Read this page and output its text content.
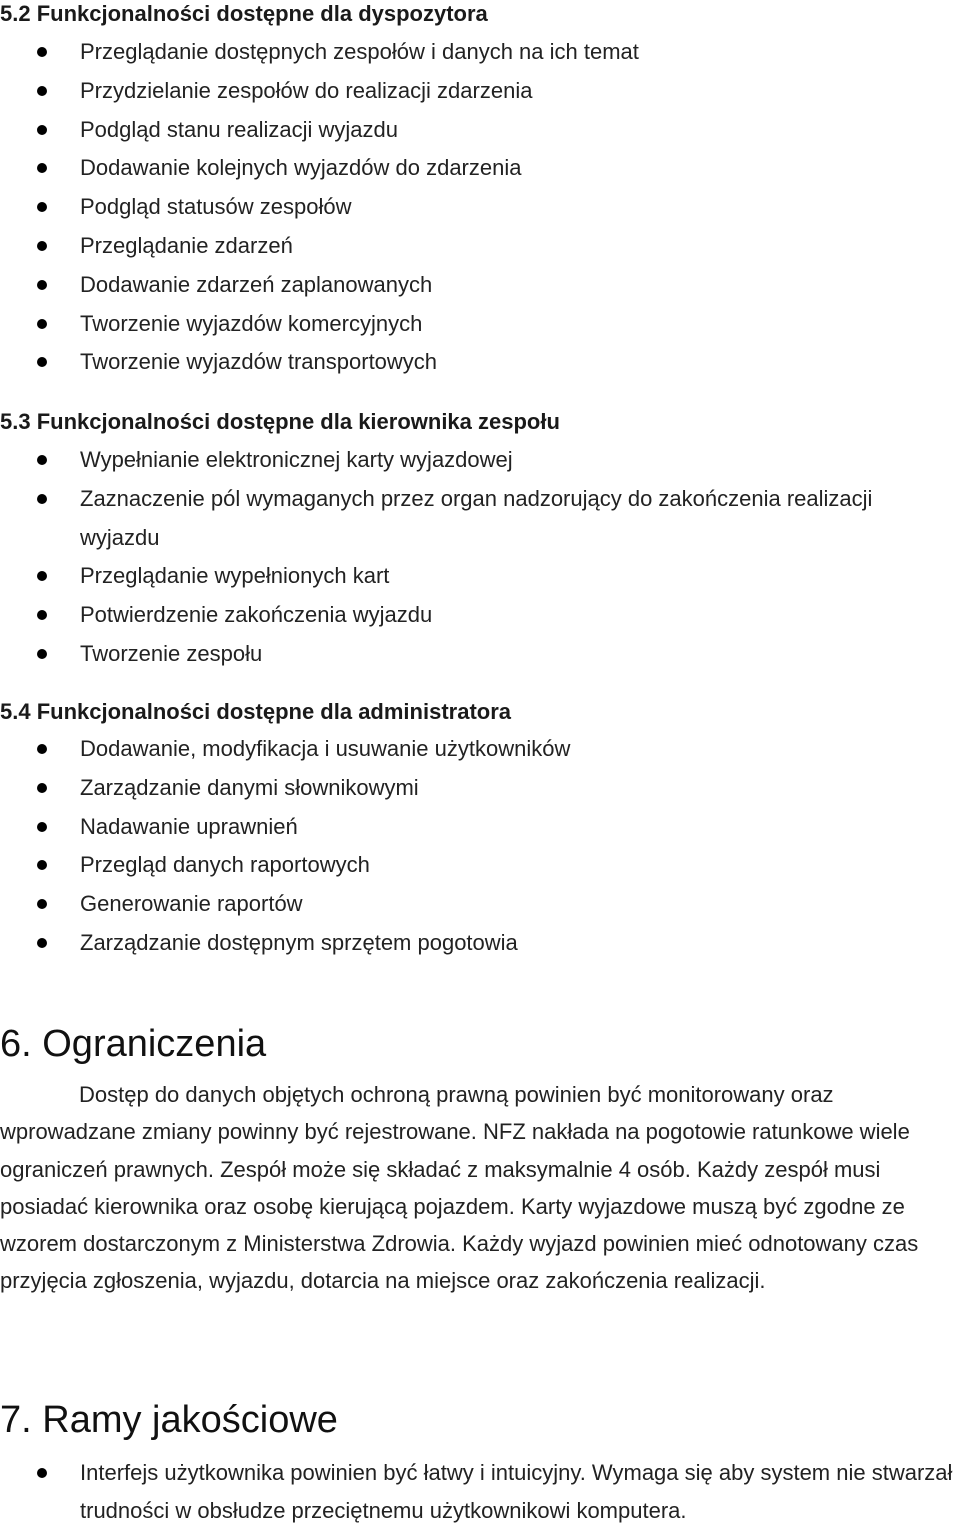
5.2 Funkcjonalności dostępne dla dyspozytora
Przeglądanie dostępnych zespołów i danych na ich temat
Przydzielanie zespołów do realizacji zdarzenia
Podgląd stanu realizacji wyjazdu
Dodawanie kolejnych wyjazdów do zdarzenia
Podgląd statusów zespołów
Przeglądanie zdarzeń
Dodawanie zdarzeń zaplanowanych
Tworzenie wyjazdów komercyjnych
Tworzenie wyjazdów transportowych
5.3 Funkcjonalności dostępne dla kierownika zespołu
Wypełnianie elektronicznej karty wyjazdowej
Zaznaczenie pól wymaganych przez organ nadzorujący do zakończenia realizacji wyjazdu
Przeglądanie wypełnionych kart
Potwierdzenie zakończenia wyjazdu
Tworzenie zespołu
5.4 Funkcjonalności dostępne dla administratora
Dodawanie, modyfikacja i usuwanie użytkowników
Zarządzanie danymi słownikowymi
Nadawanie uprawnień
Przegląd danych raportowych
Generowanie raportów
Zarządzanie dostępnym sprzętem pogotowia
6. Ograniczenia

Dostęp do danych objętych ochroną prawną powinien być monitorowany oraz wprowadzane zmiany powinny być rejestrowane. NFZ nakłada na pogotowie ratunkowe wiele ograniczeń prawnych. Zespół może się składać z maksymalnie 4 osób. Każdy zespół musi posiadać kierownika oraz osobę kierującą pojazdem. Karty wyjazdowe muszą być zgodne ze wzorem dostarczonym z Ministerstwa Zdrowia. Każdy wyjazd powinien mieć odnotowany czas przyjęcia zgłoszenia, wyjazdu, dotarcia na miejsce oraz zakończenia realizacji.

7. Ramy jakościowe
Interfejs użytkownika powinien być łatwy i intuicyjny. Wymaga się aby system nie stwarzał trudności w obsłudze przeciętnemu użytkownikowi komputera.
